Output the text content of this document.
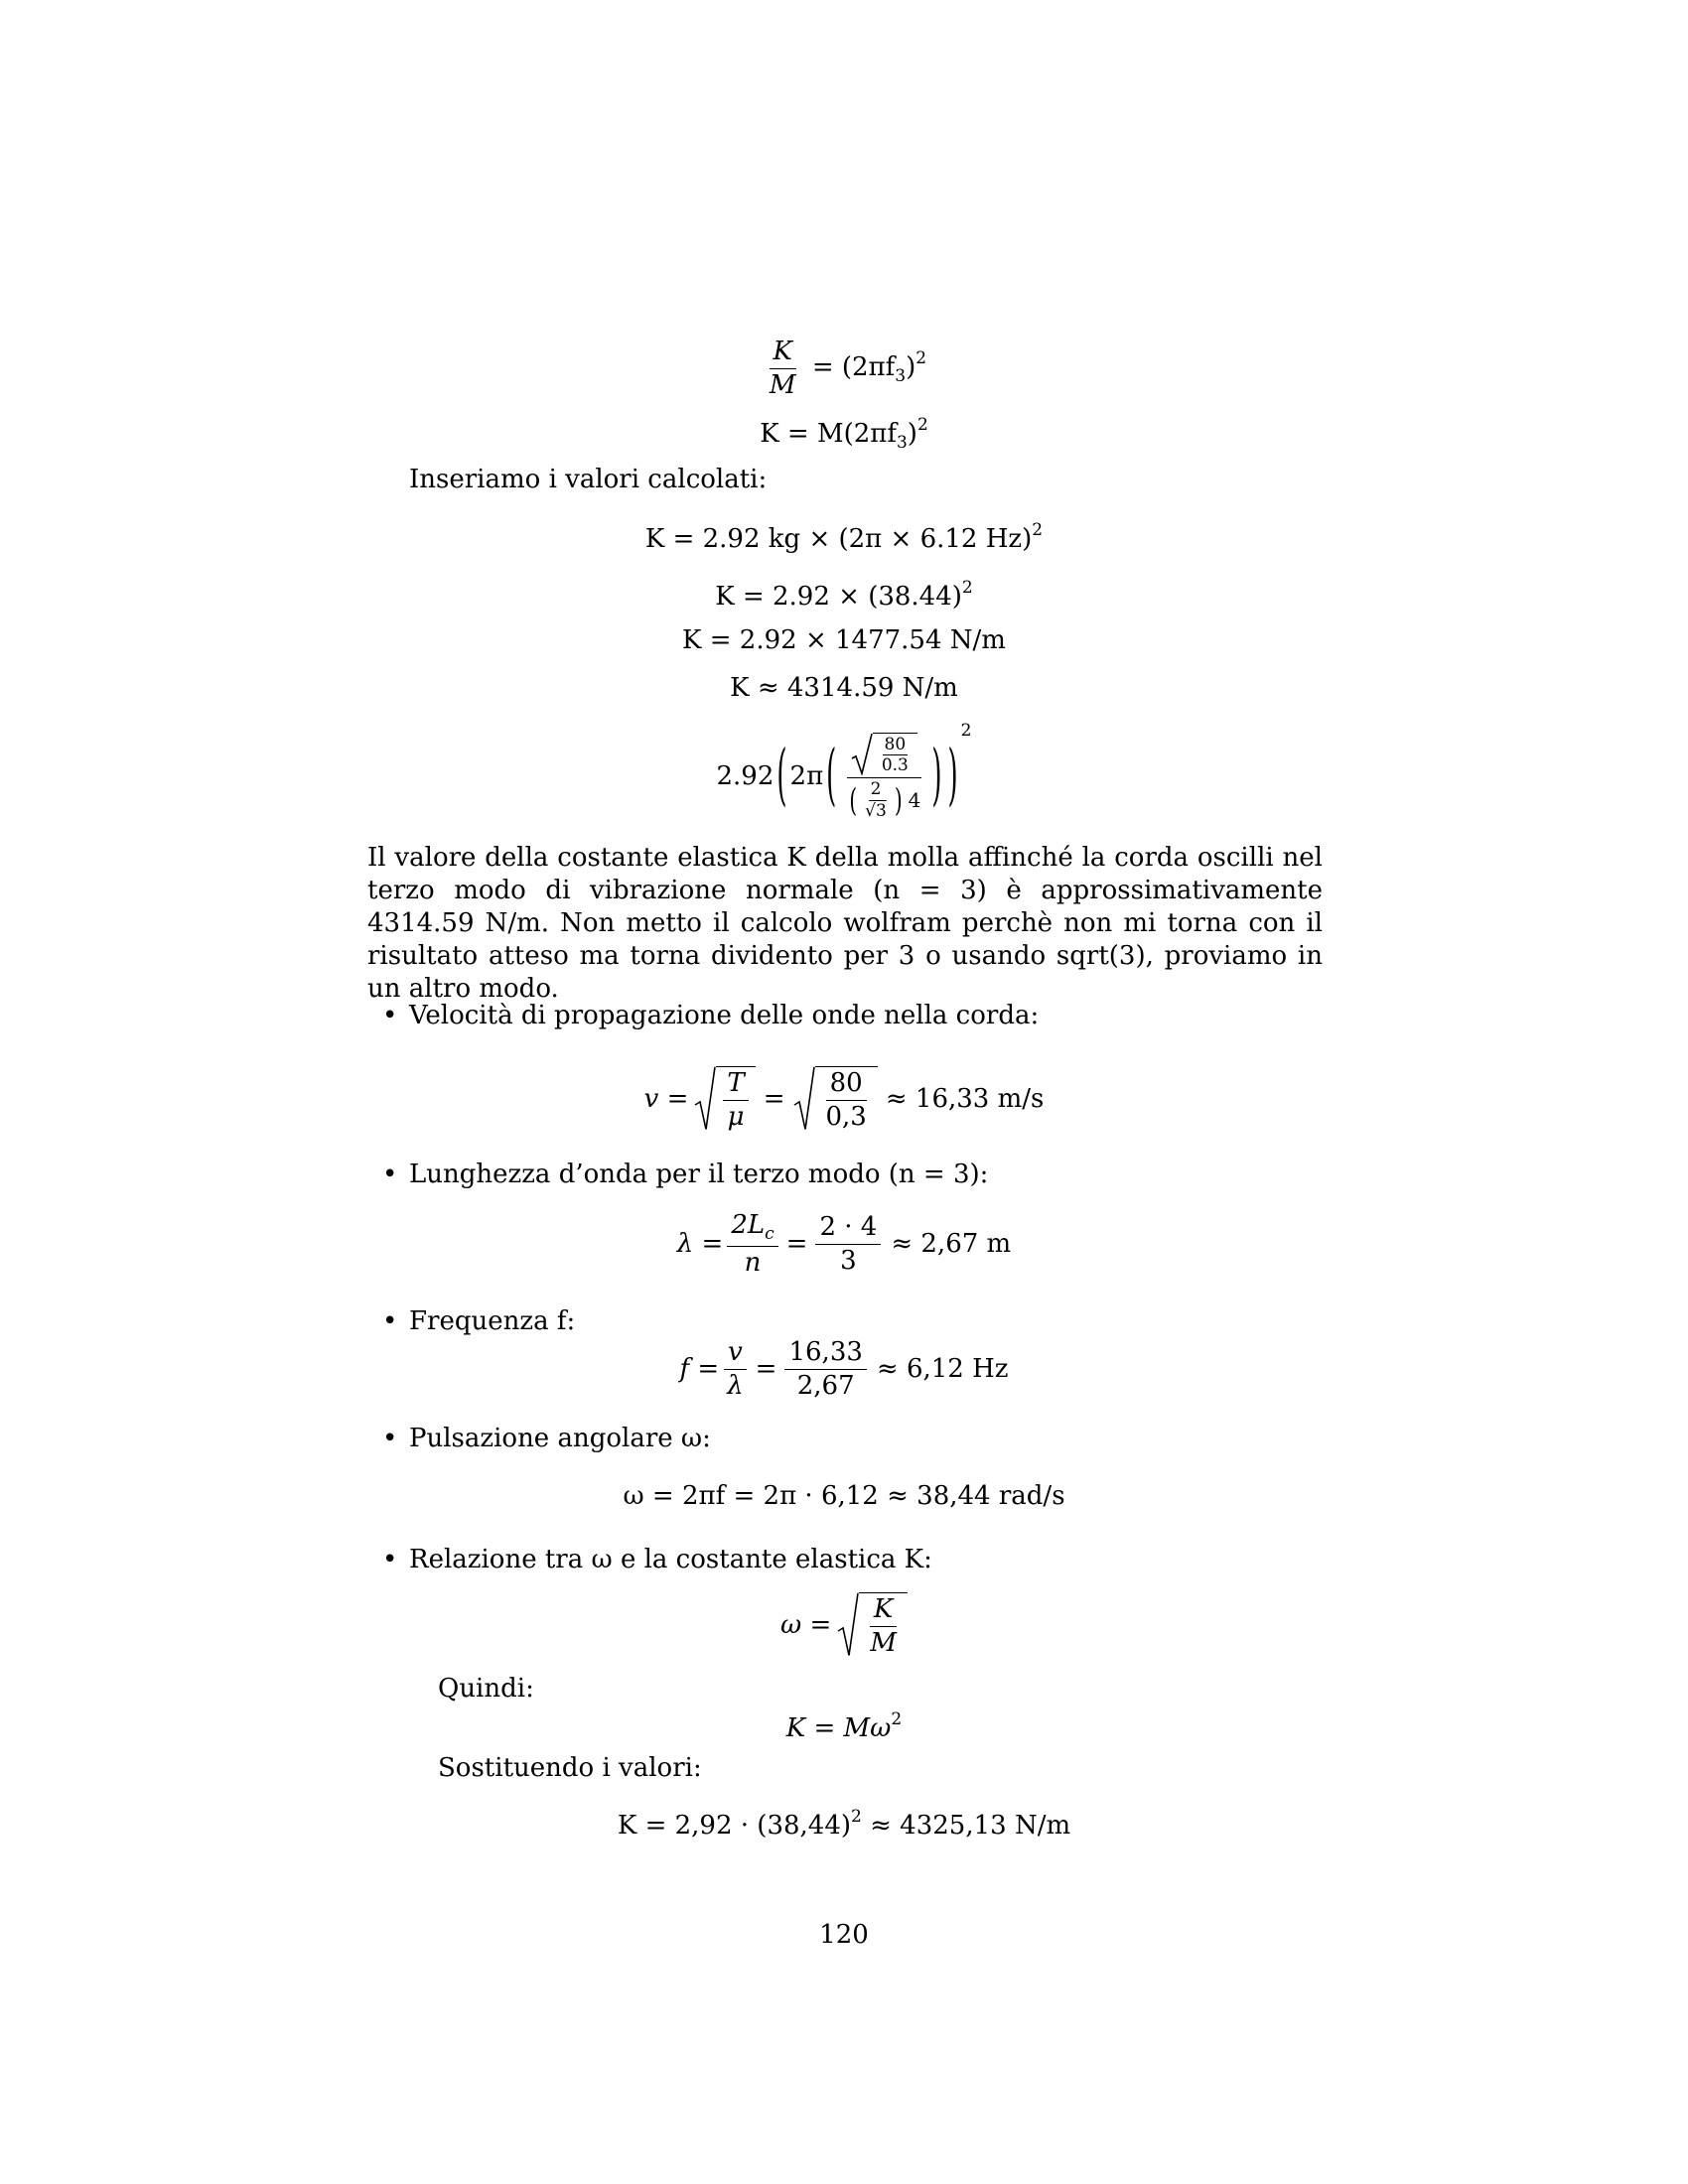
$\frac{K}{M} = (2\pi f_3)^2$
$K = M(2\pi f_3)^2$
Inseriamo i valori calcolati:
K = 2.92 kg × (2π × 6.12 Hz)$^2$
$K = 2.92 \times (38.44)^2$
K = 2.92 × 1477.54 N/m
K ≈ 4314.59 N/m
2.92 ( 2π ( $\frac{\frac{80}{0.3}}{( \frac{2}{√3} ) 4}$ ) )
2
Il valore della costante elastica K della molla affinché la corda oscilli nel terzo modo di vibrazione normale (n = 3) è approssimativamente 4314.59 N/m. Non metto il calcolo wolfram perchè non mi torna con il risultato atteso ma torna dividento per 3 o usando sqrt(3), proviamo in un altro modo.
• Velocità di propagazione delle onde nella corda:
$v = \frac{T}{\mu} = \frac{80}{0,3} \approx 16,33$ m/s
• Lunghezza d’onda per il terzo modo (n = 3):
$\lambda = \frac{2L_c}{n} = \frac{2 \cdot 4}{3} \approx 2,67$ m
• Frequenza f:
$f = \frac{v}{\lambda} = \frac{16,33}{2,67} \approx 6,12$ Hz
• Pulsazione angolare ω:
ω = 2πf = 2π · 6,12 ≈ 38,44 rad/s
• Relazione tra ω e la costante elastica K:
$\omega = \frac{K}{M}$
Quindi:
$K = M\omega^2$
Sostituendo i valori:
$K = 2,92 \cdot (38,44)^2 \approx 4325,13$ N/m
120
